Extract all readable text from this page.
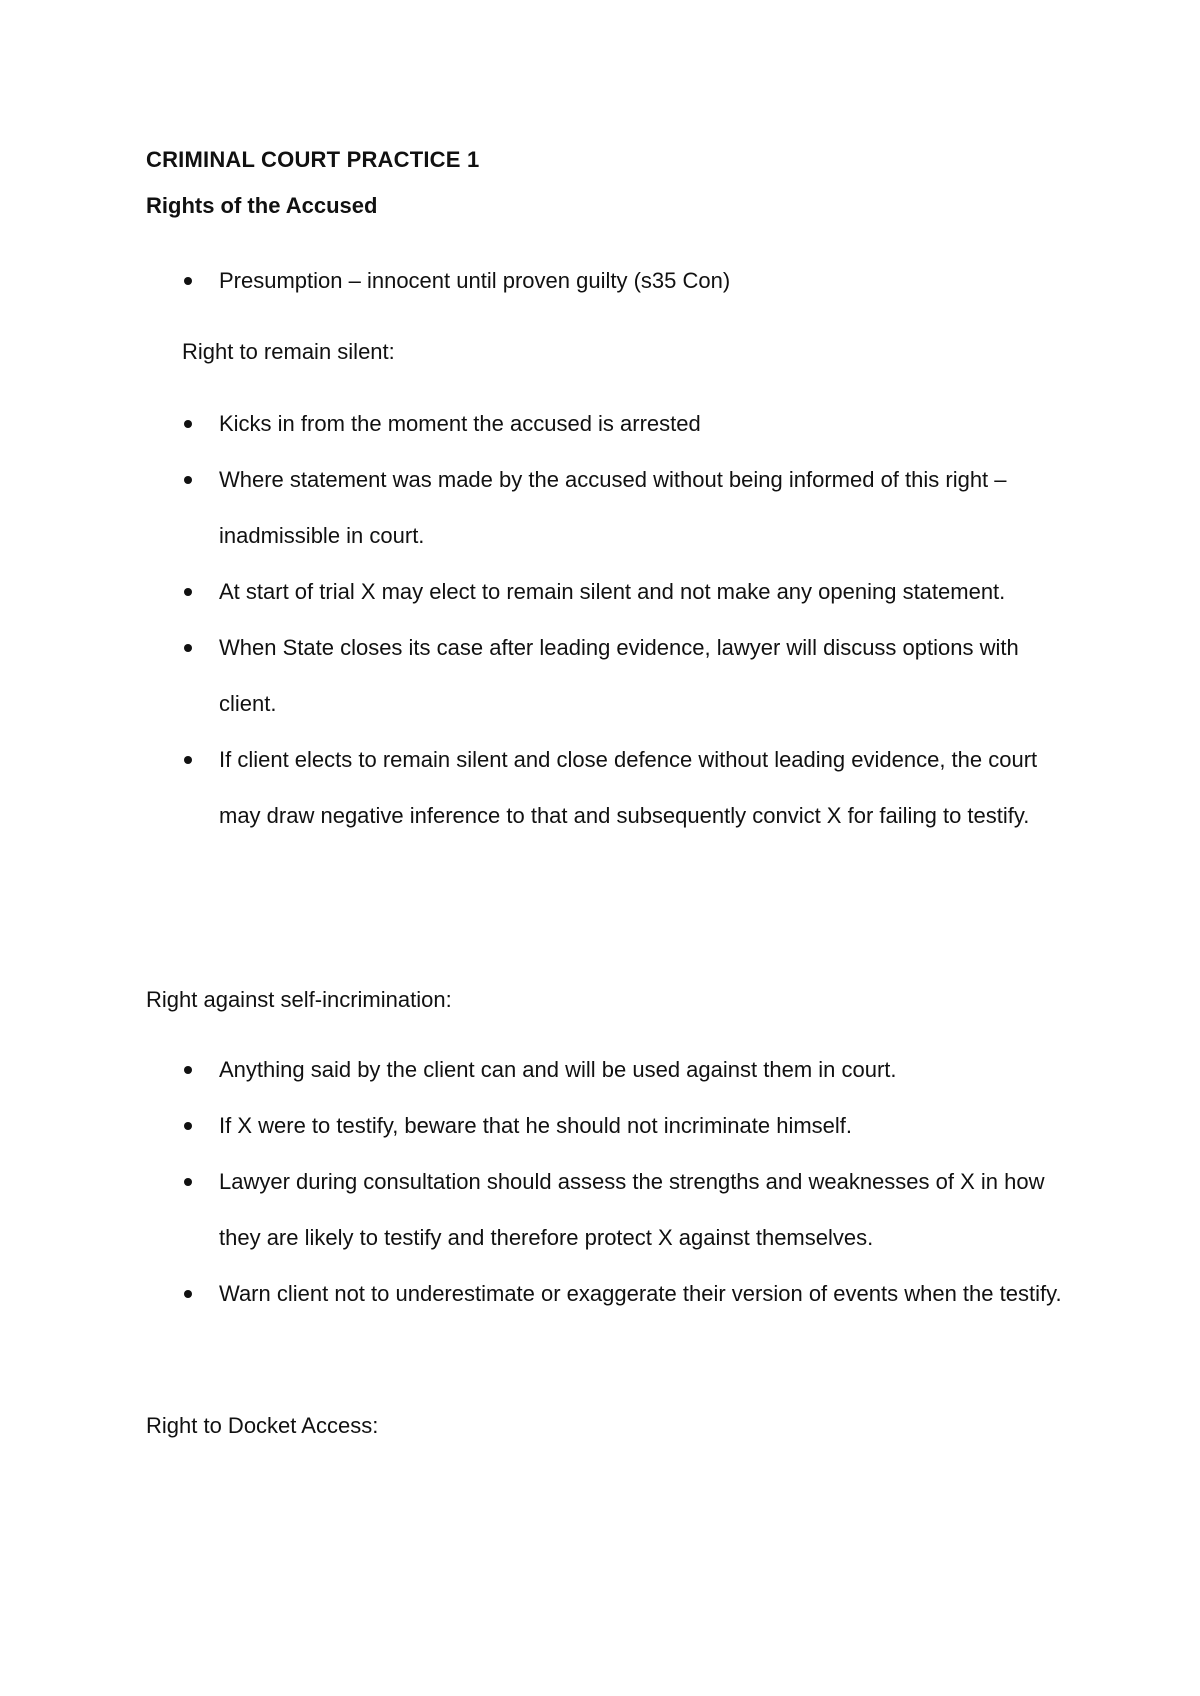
CRIMINAL COURT PRACTICE 1
Rights of the Accused
Presumption – innocent until proven guilty (s35 Con)
Right to remain silent:
Kicks in from the moment the accused is arrested
Where statement was made by the accused without being informed of this right – inadmissible in court.
At start of trial X may elect to remain silent and not make any opening statement.
When State closes its case after leading evidence, lawyer will discuss options with client.
If client elects to remain silent and close defence without leading evidence, the court may draw negative inference to that and subsequently convict X for failing to testify.
Right against self-incrimination:
Anything said by the client can and will be used against them in court.
If X were to testify, beware that he should not incriminate himself.
Lawyer during consultation should assess the strengths and weaknesses of X in how they are likely to testify and therefore protect X against themselves.
Warn client not to underestimate or exaggerate their version of events when the testify.
Right to Docket Access:
